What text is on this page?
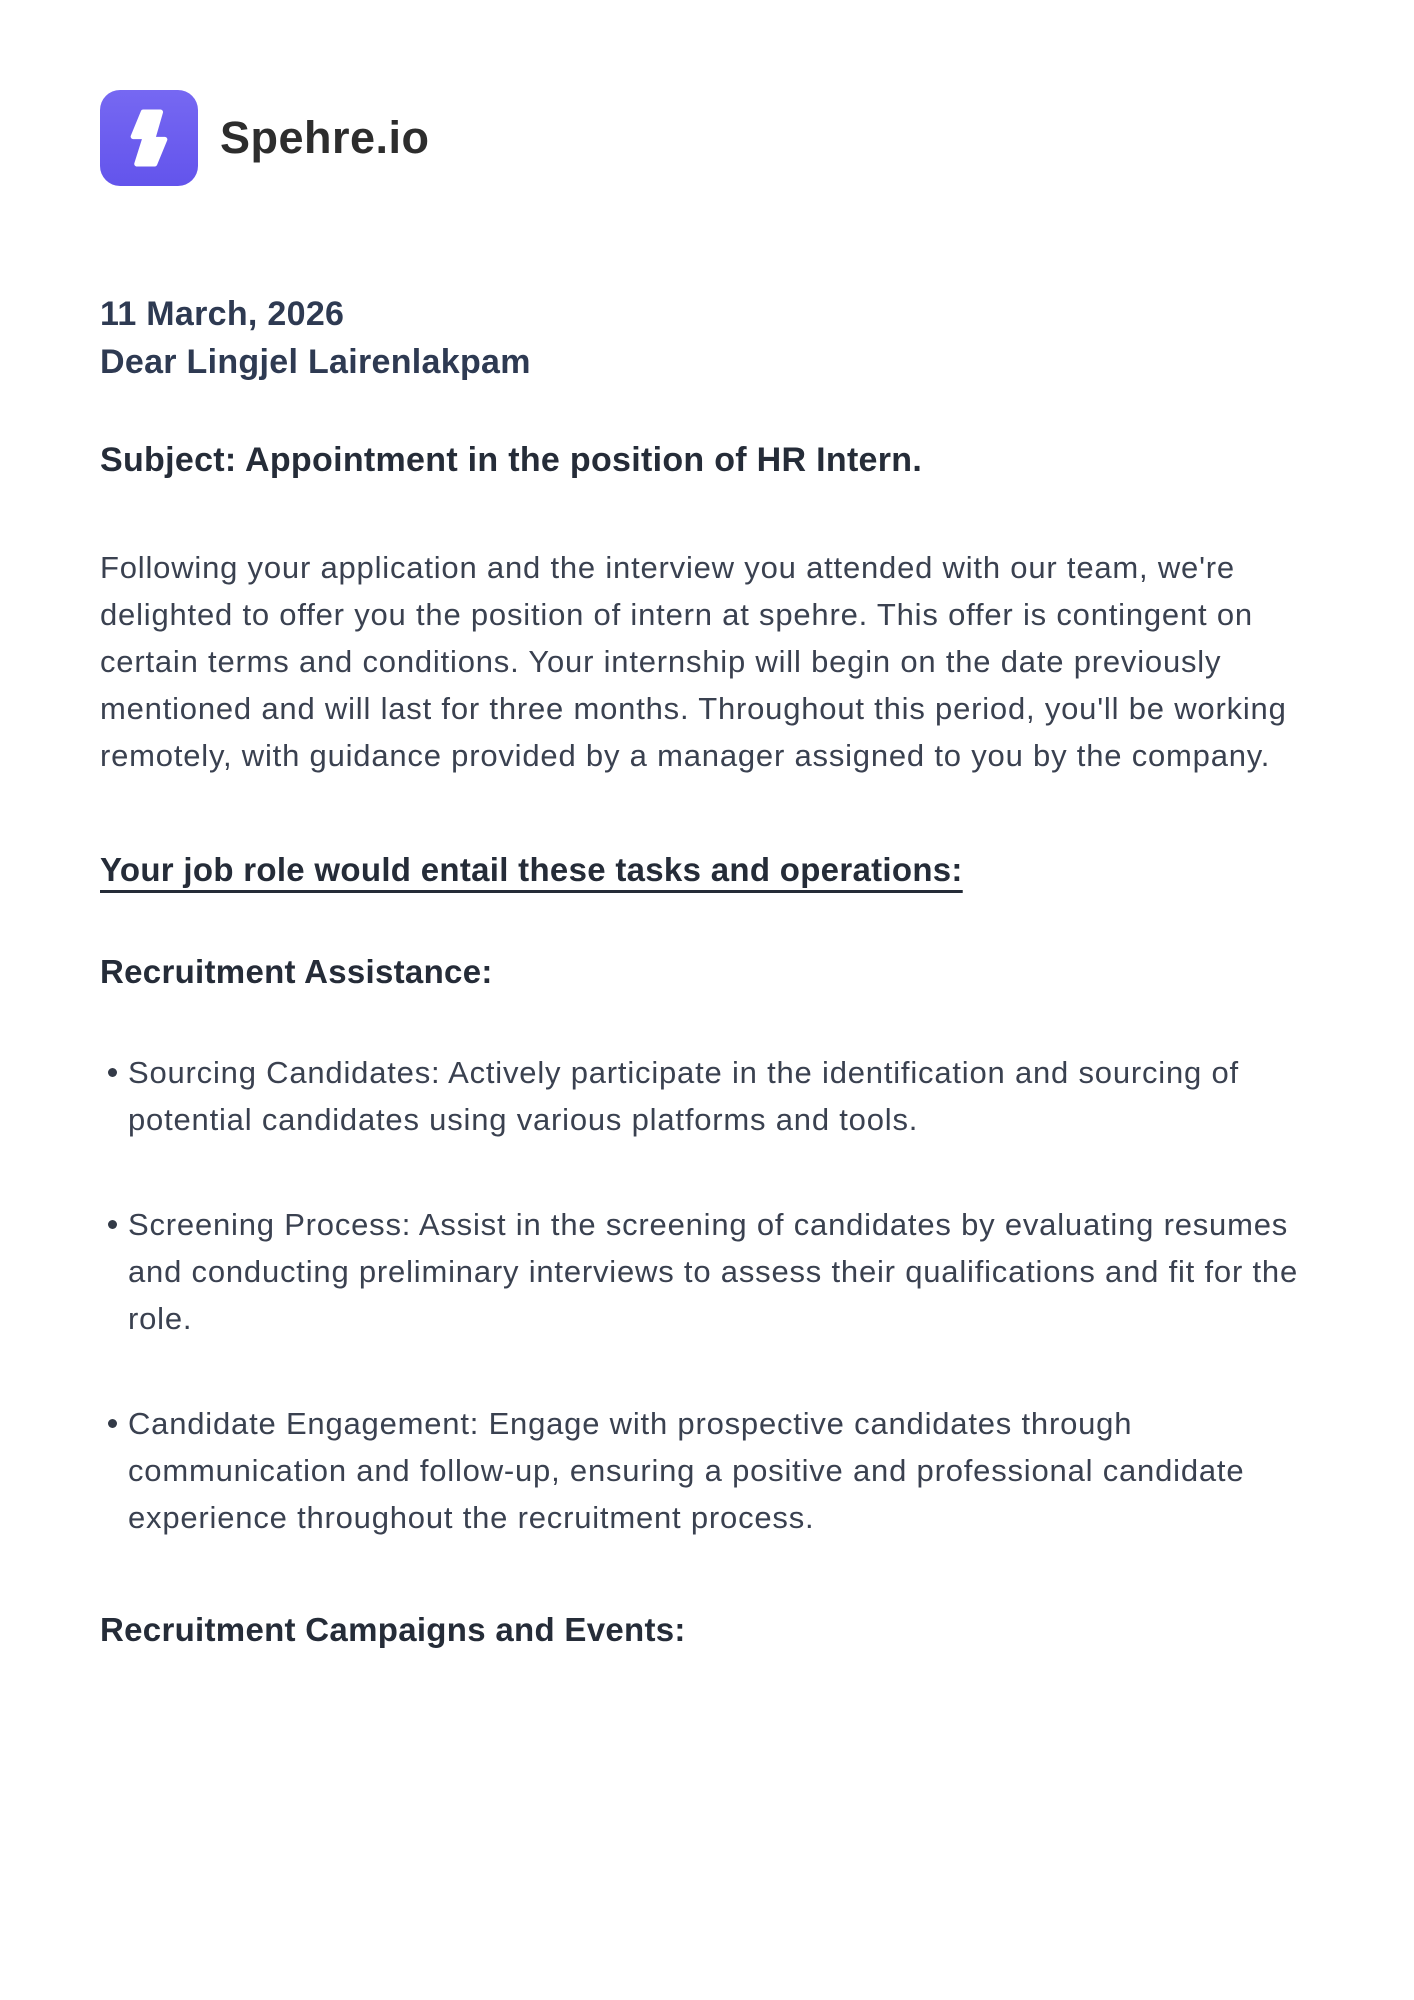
Spehre.io
11 March, 2026
Dear Lingjel Lairenlakpam
Subject: Appointment in the position of HR Intern.

Following your application and the interview you attended with our team, we're delighted to offer you the position of intern at spehre. This offer is contingent on certain terms and conditions. Your internship will begin on the date previously mentioned and will last for three months. Throughout this period, you'll be working remotely, with guidance provided by a manager assigned to you by the company.

Your job role would entail these tasks and operations:
Recruitment Assistance:
Sourcing Candidates: Actively participate in the identification and sourcing of potential candidates using various platforms and tools.
Screening Process: Assist in the screening of candidates by evaluating resumes and conducting preliminary interviews to assess their qualifications and fit for the role.
Candidate Engagement: Engage with prospective candidates through communication and follow-up, ensuring a positive and professional candidate experience throughout the recruitment process.
Recruitment Campaigns and Events:
